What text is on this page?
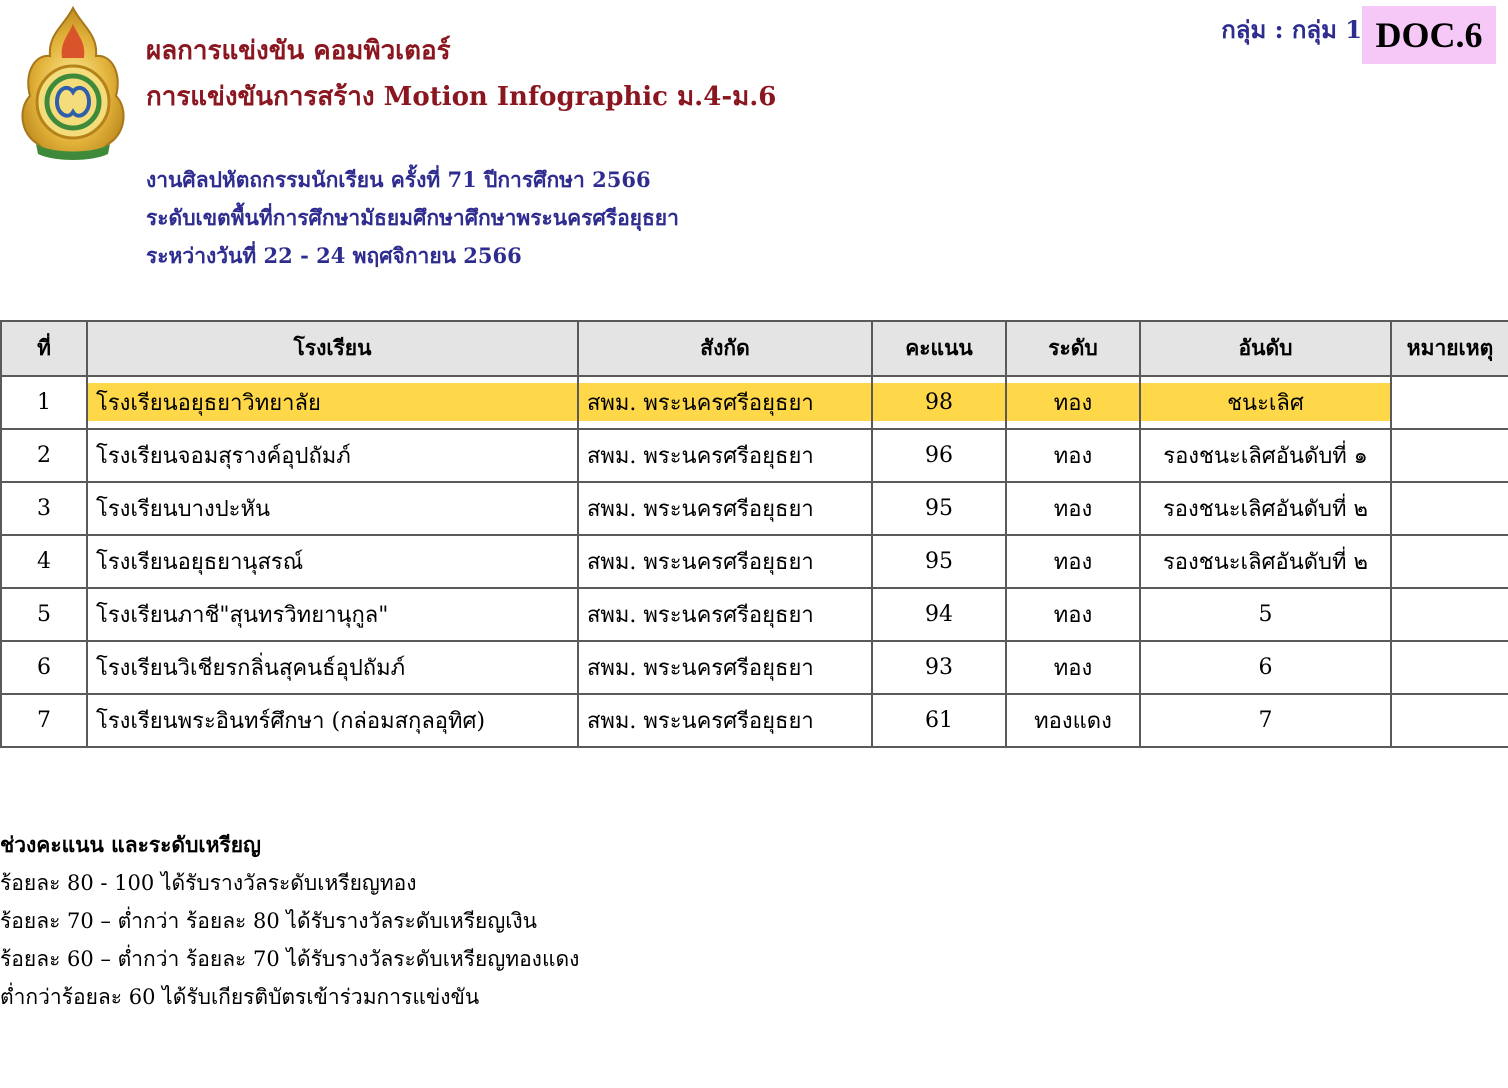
ผลการแข่งขัน คอมพิวเตอร์
การแข่งขันการสร้าง Motion Infographic ม.4-ม.6
งานศิลปหัตถกรรมนักเรียน ครั้งที่ 71 ปีการศึกษา 2566
ระดับเขตพื้นที่การศึกษามัธยมศึกษาศึกษาพระนครศรีอยุธยา
ระหว่างวันที่ 22 - 24 พฤศจิกายน 2566
กลุ่ม : กลุ่ม 1 DOC.6
ที่	โรงเรียน	สังกัด	คะแนน	ระดับ	อันดับ	หมายเหตุ
1	โรงเรียนอยุธยาวิทยาลัย	สพม. พระนครศรีอยุธยา	98	ทอง	ชนะเลิศ	
2	โรงเรียนจอมสุรางค์อุปถัมภ์	สพม. พระนครศรีอยุธยา	96	ทอง	รองชนะเลิศอันดับที่ ๑	
3	โรงเรียนบางปะหัน	สพม. พระนครศรีอยุธยา	95	ทอง	รองชนะเลิศอันดับที่ ๒	
4	โรงเรียนอยุธยานุสรณ์	สพม. พระนครศรีอยุธยา	95	ทอง	รองชนะเลิศอันดับที่ ๒	
5	โรงเรียนภาชี"สุนทรวิทยานุกูล"	สพม. พระนครศรีอยุธยา	94	ทอง	5	
6	โรงเรียนวิเชียรกลิ่นสุคนธ์อุปถัมภ์	สพม. พระนครศรีอยุธยา	93	ทอง	6	
7	โรงเรียนพระอินทร์ศึกษา (กล่อมสกุลอุทิศ)	สพม. พระนครศรีอยุธยา	61	ทองแดง	7	
ช่วงคะแนน และระดับเหรียญ
ร้อยละ 80 - 100 ได้รับรางวัลระดับเหรียญทอง
ร้อยละ 70 – ต่ำกว่า ร้อยละ 80 ได้รับรางวัลระดับเหรียญเงิน
ร้อยละ 60 – ต่ำกว่า ร้อยละ 70 ได้รับรางวัลระดับเหรียญทองแดง
ต่ำกว่าร้อยละ 60 ได้รับเกียรติบัตรเข้าร่วมการแข่งขัน
